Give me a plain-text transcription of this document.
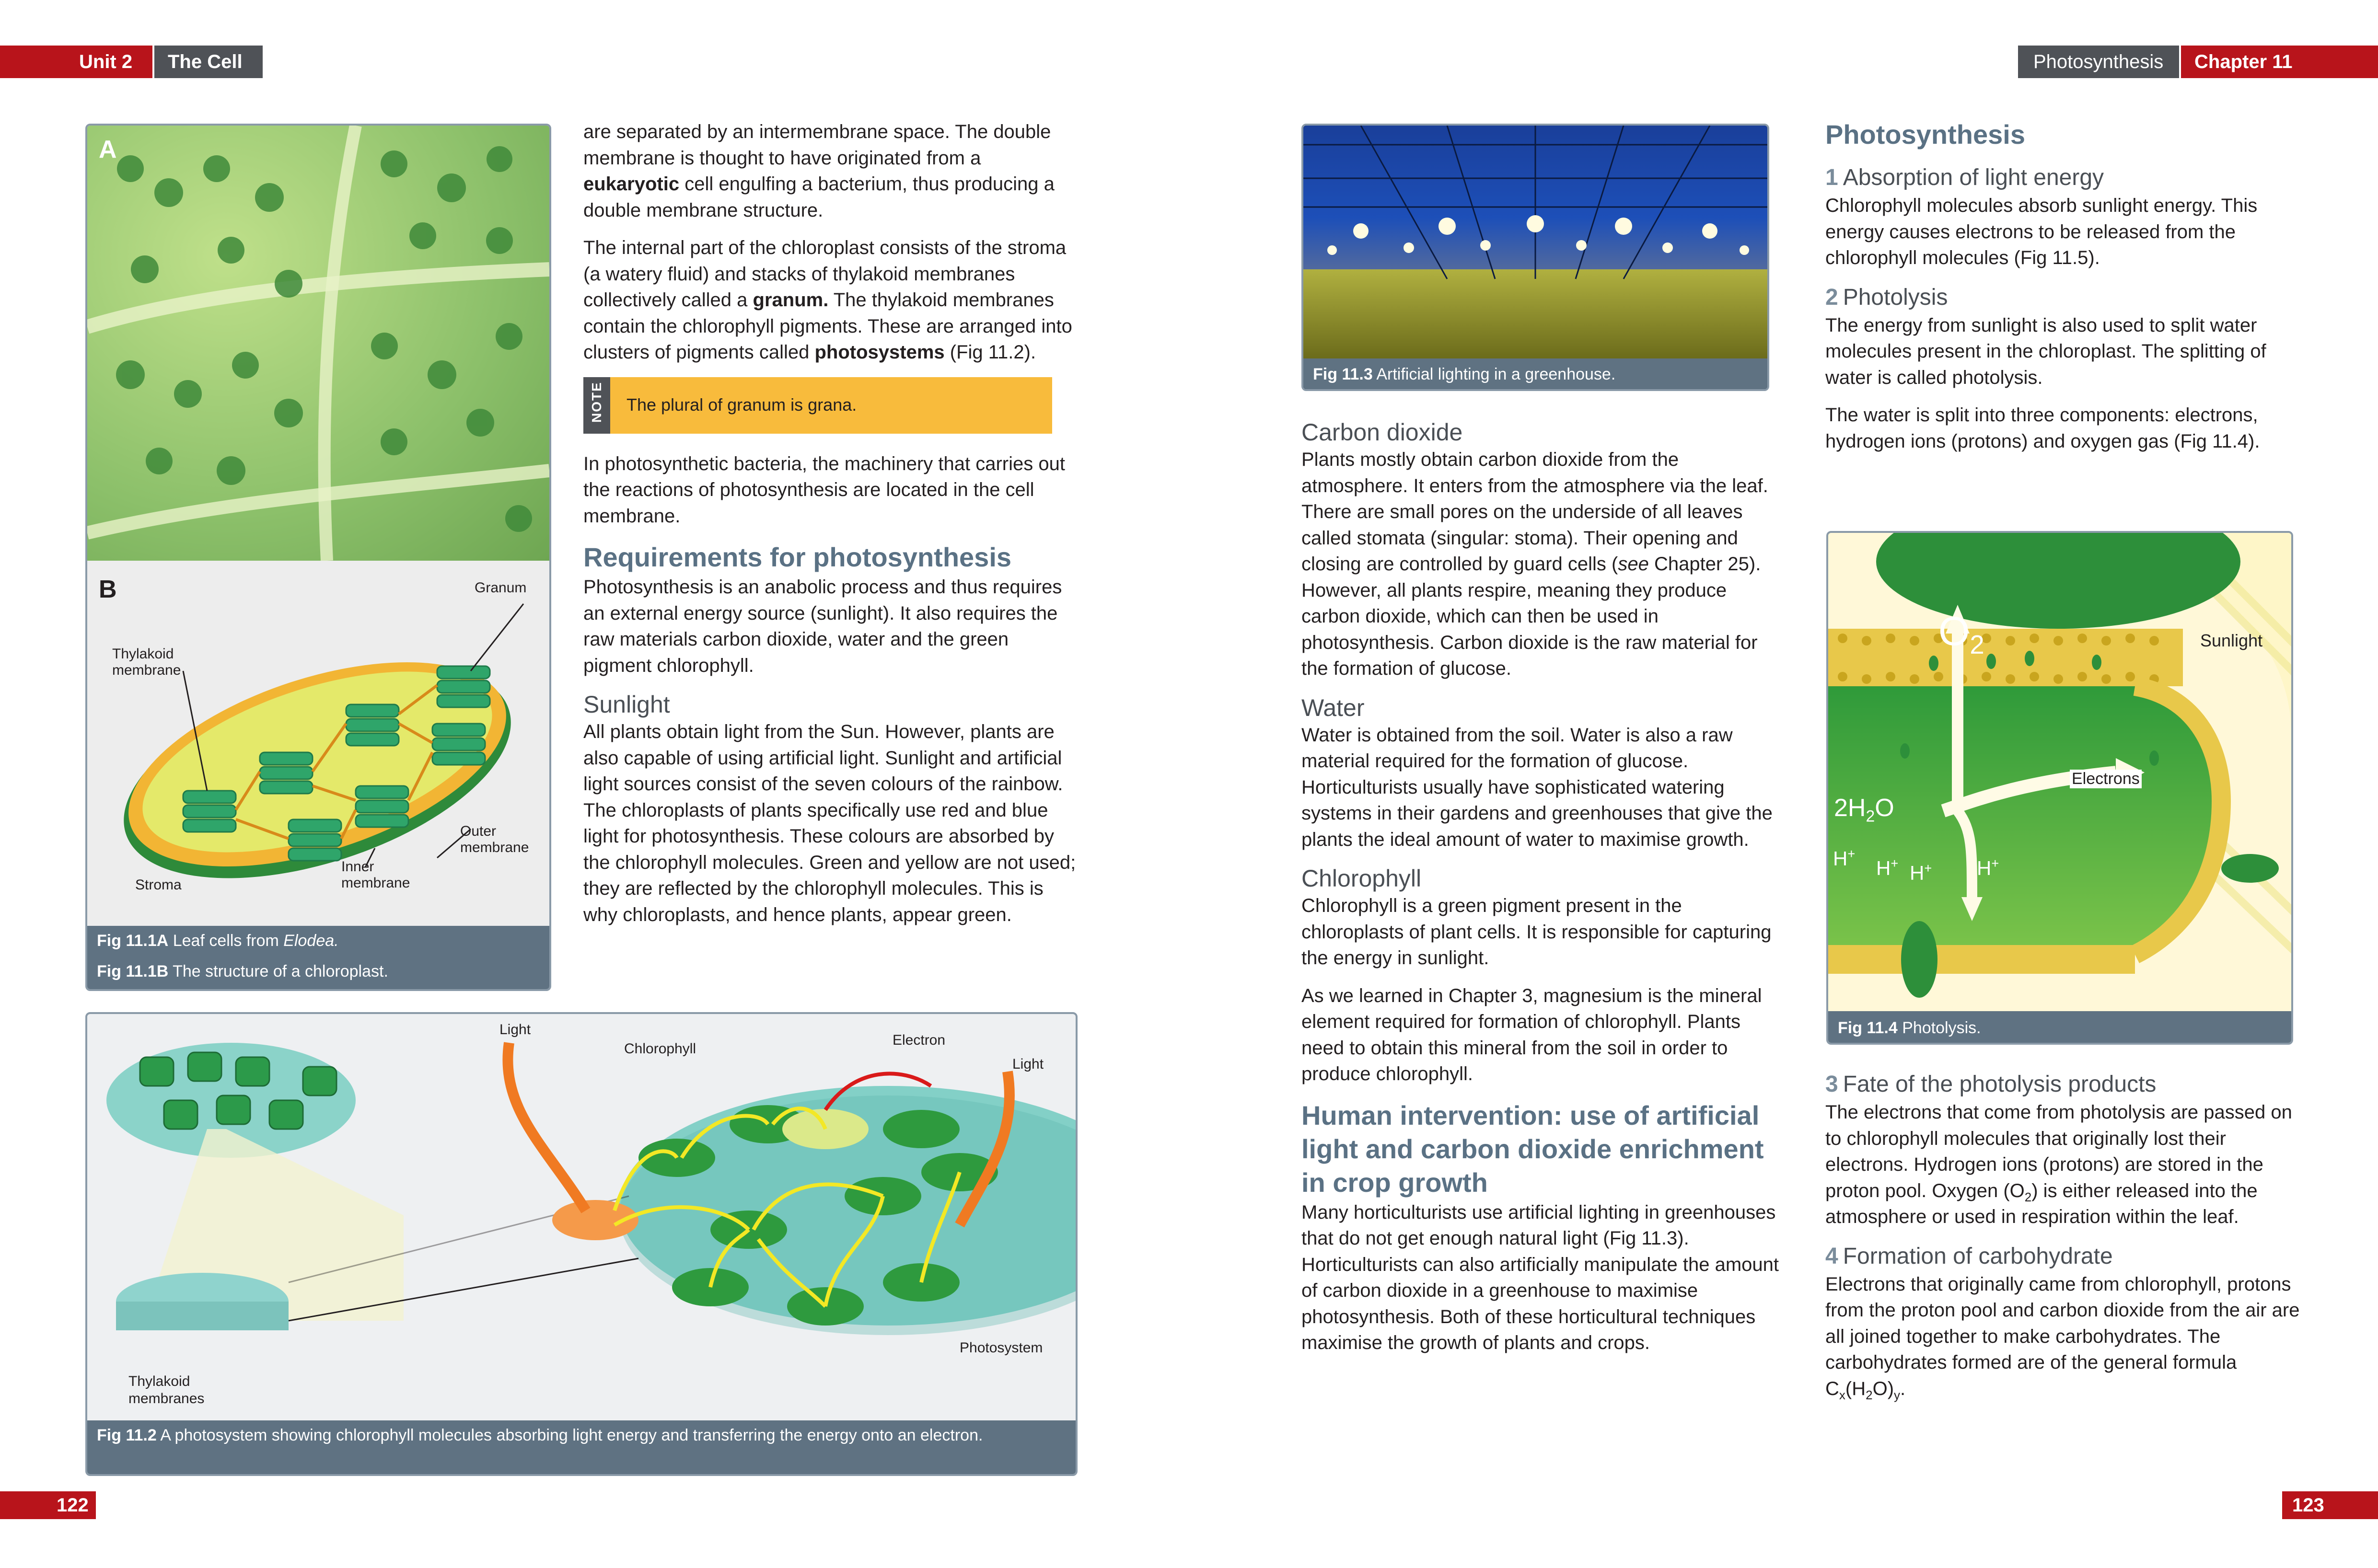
Unit 2 The Cell	Photosynthesis Chapter 11
A
B	Granum
Thylakoid
membrane
Outer
membrane
Inner
membrane
Stroma
Fig 11.1A Leaf cells from Elodea.
Fig 11.1B The structure of a chloroplast.

are separated by an intermembrane space. The double membrane is thought to have originated from a eukaryotic cell engulfing a bacterium, thus producing a double membrane structure.

The internal part of the chloroplast consists of the stroma (a watery fluid) and stacks of thylakoid membranes collectively called a granum. The thylakoid membranes contain the chlorophyll pigments. These are arranged into clusters of pigments called photosystems (Fig 11.2).

NOTE The plural of granum is grana.

In photosynthetic bacteria, the machinery that carries out the reactions of photosynthesis are located in the cell membrane.

Requirements for photosynthesis

Photosynthesis is an anabolic process and thus requires an external energy source (sunlight). It also requires the raw materials carbon dioxide, water and the green pigment chlorophyll.

Sunlight

All plants obtain light from the Sun. However, plants are also capable of using artificial light. Sunlight and artificial light sources consist of the seven colours of the rainbow. The chloroplasts of plants specifically use red and blue light for photosynthesis. These colours are absorbed by the chlorophyll molecules. Green and yellow are not used; they are reflected by the chlorophyll molecules. This is why chloroplasts, and hence plants, appear green.

Light
Chlorophyll
Electron
Light
Photosystem
Thylakoid
membranes
Fig 11.2 A photosystem showing chlorophyll molecules absorbing light energy and transferring the energy onto an electron.
122	123
Fig 11.3 Artificial lighting in a greenhouse.
Carbon dioxide

Plants mostly obtain carbon dioxide from the atmosphere. It enters from the atmosphere via the leaf. There are small pores on the underside of all leaves called stomata (singular: stoma). Their opening and closing are controlled by guard cells (see Chapter 25). However, all plants respire, meaning they produce carbon dioxide, which can then be used in photosynthesis. Carbon dioxide is the raw material for the formation of glucose.

Water

Water is obtained from the soil. Water is also a raw material required for the formation of glucose. Horticulturists usually have sophisticated watering systems in their gardens and greenhouses that give the plants the ideal amount of water to maximise growth.

Chlorophyll

Chlorophyll is a green pigment present in the chloroplasts of plant cells. It is responsible for capturing the energy in sunlight.

As we learned in Chapter 3, magnesium is the mineral element required for formation of chlorophyll. Plants need to obtain this mineral from the soil in order to produce chlorophyll.

Human intervention: use of artificial light and carbon dioxide enrichment in crop growth

Many horticulturists use artificial lighting in greenhouses that do not get enough natural light (Fig 11.3). Horticulturists can also artificially manipulate the amount of carbon dioxide in a greenhouse to maximise photosynthesis. Both of these horticultural techniques maximise the growth of plants and crops.

Photosynthesis
1 Absorption of light energy

Chlorophyll molecules absorb sunlight energy. This energy causes electrons to be released from the chlorophyll molecules (Fig 11.5).

2 Photolysis

The energy from sunlight is also used to split water molecules present in the chloroplast. The splitting of water is called photolysis.

The water is split into three components: electrons, hydrogen ions (protons) and oxygen gas (Fig 11.4).

Sunlight
Electrons
$O_2$
$2H_2O$
H+
H+ H+ H+
Fig 11.4 Photolysis.
3 Fate of the photolysis products

The electrons that come from photolysis are passed on to chlorophyll molecules that originally lost their electrons. Hydrogen ions (protons) are stored in the proton pool. Oxygen $(O_2)$ is either released into the atmosphere or used in respiration within the leaf.

4 Formation of carbohydrate

Electrons that originally came from chlorophyll, protons from the proton pool and carbon dioxide from the air are all joined together to make carbohydrates. The carbohydrates formed are of the general formula $C_x(H_2O)_y$.
